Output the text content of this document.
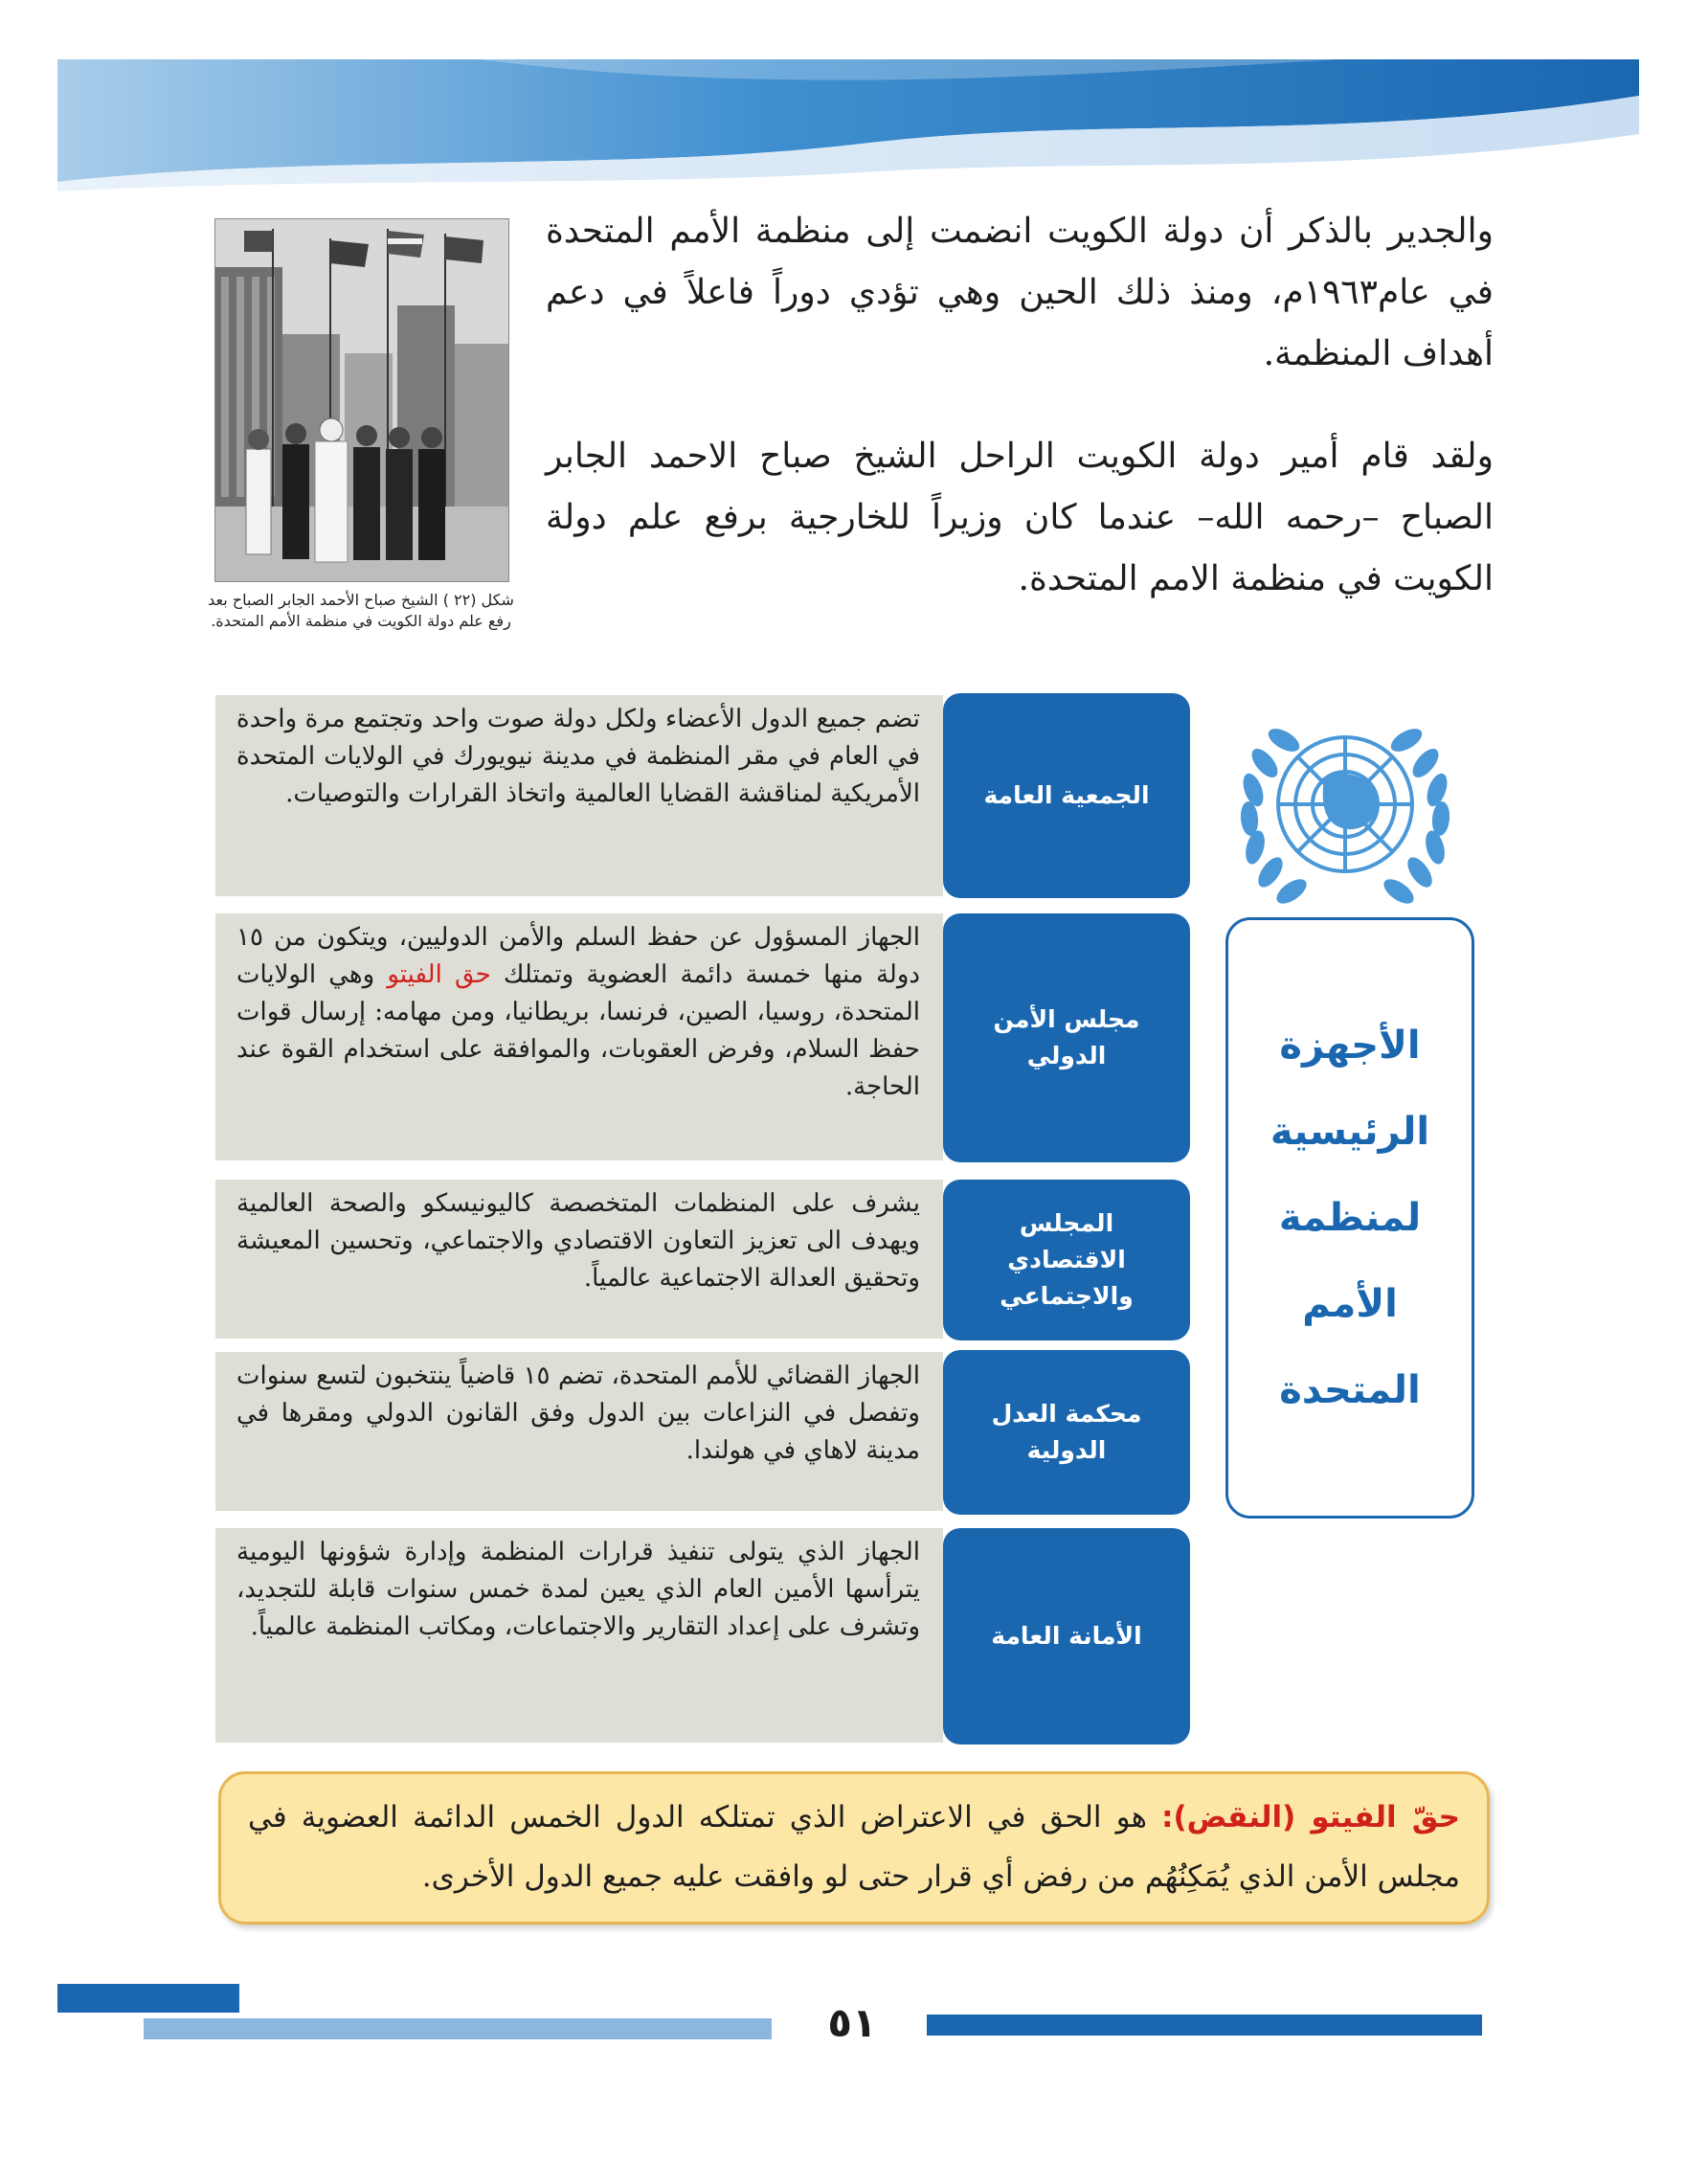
والجدير بالذكر أن دولة الكويت انضمت إلى منظمة الأمم المتحدة في عام١٩٦٣م، ومنذ ذلك الحين وهي تؤدي دوراً فاعلاً في دعم أهداف المنظمة.

ولقد قام أمير دولة الكويت الراحل الشيخ صباح الاحمد الجابر الصباح –رحمه الله– عندما كان وزيراً للخارجية برفع علم دولة الكويت في منظمة الامم المتحدة.

شكل (٢٢ ) الشيخ صباح الأحمد الجابر الصباح بعد رفع علم دولة الكويت في منظمة الأمم المتحدة.
الأجهزة
الرئيسية
لمنظمة
الأمم
المتحدة
تضم جميع الدول الأعضاء ولكل دولة صوت واحد وتجتمع مرة واحدة في العام في مقر المنظمة في مدينة نيويورك في الولايات المتحدة الأمريكية لمناقشة القضايا العالمية واتخاذ القرارات والتوصيات.	الجمعية العامة
الجهاز المسؤول عن حفظ السلم والأمن الدوليين، ويتكون من ١٥ دولة منها خمسة دائمة العضوية وتمتلك حق الفيتو وهي الولايات المتحدة، روسيا، الصين، فرنسا، بريطانيا، ومن مهامه: إرسال قوات حفظ السلام، وفرض العقوبات، والموافقة على استخدام القوة عند الحاجة.
مجلس الأمن الدولي
يشرف على المنظمات المتخصصة كاليونيسكو والصحة العالمية ويهدف الى تعزيز التعاون الاقتصادي والاجتماعي، وتحسين المعيشة وتحقيق العدالة الاجتماعية عالمياً.
المجلس الاقتصادي والاجتماعي
الجهاز القضائي للأمم المتحدة، تضم ١٥ قاضياً ينتخبون لتسع سنوات وتفصل في النزاعات بين الدول وفق القانون الدولي ومقرها في مدينة لاهاي في هولندا.
محكمة العدل الدولية
الجهاز الذي يتولى تنفيذ قرارات المنظمة وإدارة شؤونها اليومية يترأسها الأمين العام الذي يعين لمدة خمس سنوات قابلة للتجديد، وتشرف على إعداد التقارير والاجتماعات، ومكاتب المنظمة عالمياً.	الأمانة العامة
حقّ الفيتو (النقض): هو الحق في الاعتراض الذي تمتلكه الدول الخمس الدائمة العضوية في مجلس الأمن الذي يُمَكِنُهُم من رفض أي قرار حتى لو وافقت عليه جميع الدول الأخرى.
٥١
